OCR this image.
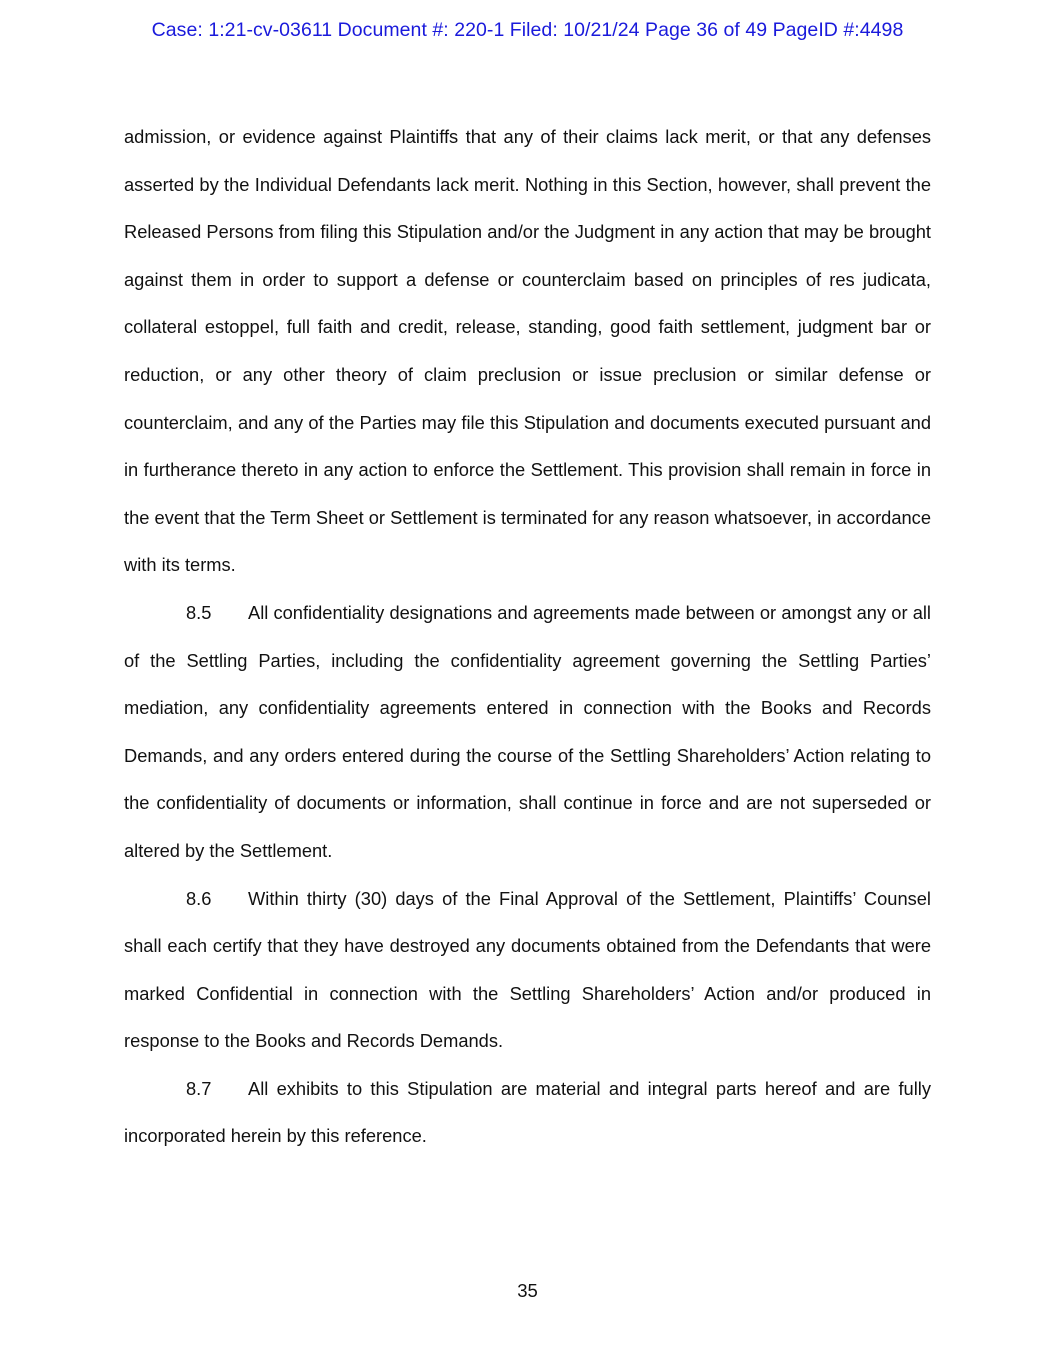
Case: 1:21-cv-03611 Document #: 220-1 Filed: 10/21/24 Page 36 of 49 PageID #:4498

admission, or evidence against Plaintiffs that any of their claims lack merit, or that any defenses asserted by the Individual Defendants lack merit. Nothing in this Section, however, shall prevent the Released Persons from filing this Stipulation and/or the Judgment in any action that may be brought against them in order to support a defense or counterclaim based on principles of res judicata, collateral estoppel, full faith and credit, release, standing, good faith settlement, judgment bar or reduction, or any other theory of claim preclusion or issue preclusion or similar defense or counterclaim, and any of the Parties may file this Stipulation and documents executed pursuant and in furtherance thereto in any action to enforce the Settlement. This provision shall remain in force in the event that the Term Sheet or Settlement is terminated for any reason whatsoever, in accordance with its terms.

8.5 All confidentiality designations and agreements made between or amongst any or all of the Settling Parties, including the confidentiality agreement governing the Settling Parties’ mediation, any confidentiality agreements entered in connection with the Books and Records Demands, and any orders entered during the course of the Settling Shareholders’ Action relating to the confidentiality of documents or information, shall continue in force and are not superseded or altered by the Settlement.

8.6 Within thirty (30) days of the Final Approval of the Settlement, Plaintiffs’ Counsel shall each certify that they have destroyed any documents obtained from the Defendants that were marked Confidential in connection with the Settling Shareholders’ Action and/or produced in response to the Books and Records Demands.

8.7 All exhibits to this Stipulation are material and integral parts hereof and are fully incorporated herein by this reference.

35
